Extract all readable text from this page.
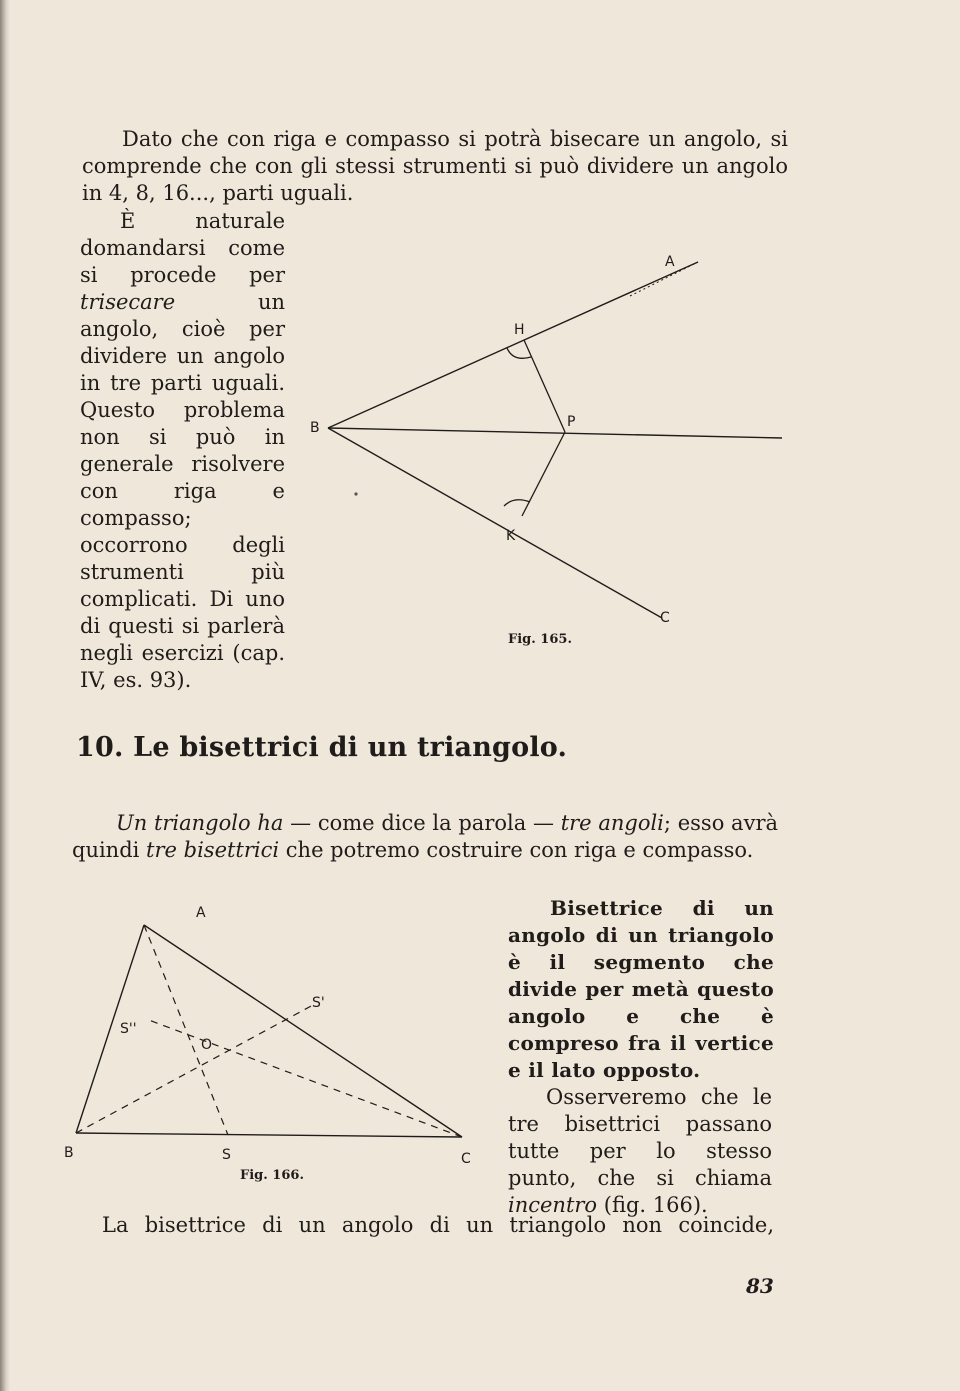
Dato che con riga e compasso si potrà bisecare un angolo, si comprende che con gli stessi strumenti si può dividere un angolo in 4, 8, 16..., parti uguali.

È naturale domandarsi come si procede per trisecare un angolo, cioè per dividere un angolo in tre parti uguali. Questo problema non si può in generale risolvere con riga e compasso; occorrono degli strumenti più complicati. Di uno di questi si parlerà negli esercizi (cap. IV, es. 93).

B
A
H
P
K
C

Fig. 165.

10. Le bisettrici di un triangolo.

Un triangolo ha — come dice la parola — tre angoli; esso avrà quindi tre bisettrici che potremo costruire con riga e compasso.

A
B	C
S
S'
S''
O

Fig. 166.

Bisettrice di un angolo di un triangolo è il segmento che divide per metà questo angolo e che è compreso fra il vertice e il lato opposto.

Osserveremo che le tre bisettrici passano tutte per lo stesso punto, che si chiama incentro (fig. 166).

La bisettrice di un angolo di un triangolo non coincide,

83
